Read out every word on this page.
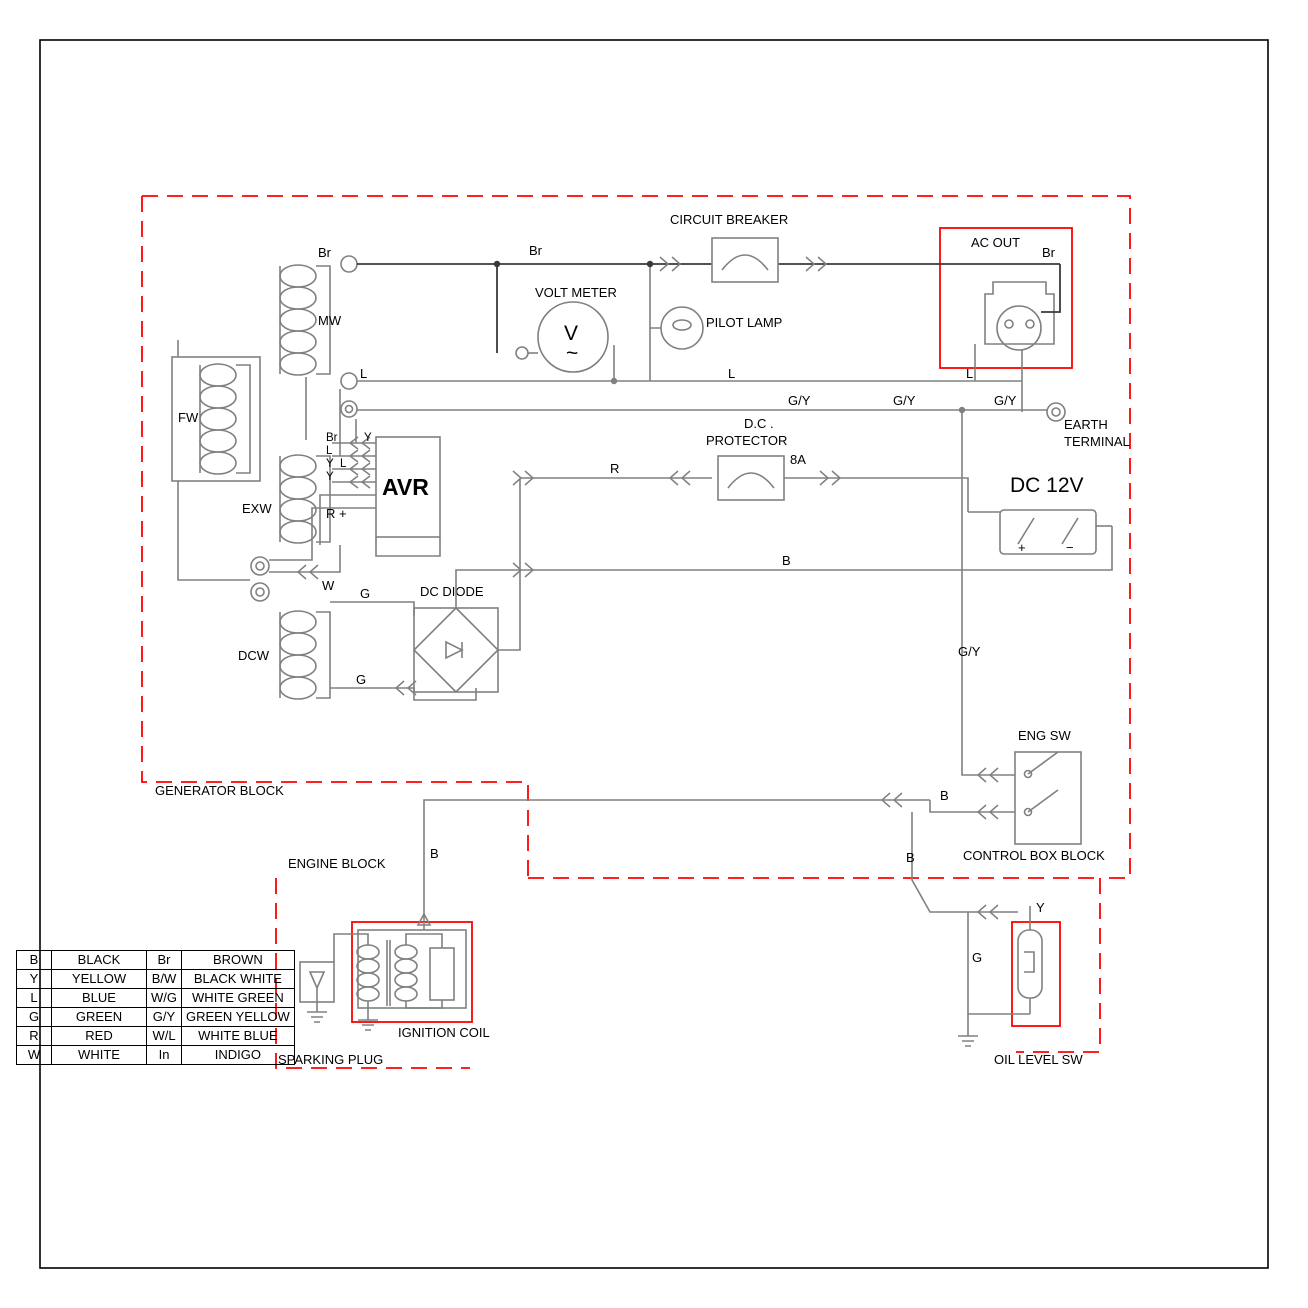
MW
CIRCUIT BREAKER
Br	Br	Br
V
~
VOLT METER
PILOT LAMP
L	L	L
AC OUT
EARTH
TERMINAL
G/Y	G/Y	G/Y
G/Y
FW
EXW
W
AVR
Br Y
L
Y
Y
L
R +
DCW
G
G
DC DIODE
R
D.C .
PROTECTOR
8A
B
DC 12V
+	−
ENG SW
B
B	B
Y
G
IGNITION COIL
SPARKING PLUG
GENERATOR BLOCK
ENGINE BLOCK
CONTROL BOX BLOCK
OIL LEVEL SW
B	BLACK	Br	BROWN
Y	YELLOW	B/W	BLACK WHITE
L	BLUE	W/G	WHITE GREEN
G	GREEN	G/Y	GREEN YELLOW
R	RED	W/L	WHITE BLUE
W	WHITE	In	INDIGO
